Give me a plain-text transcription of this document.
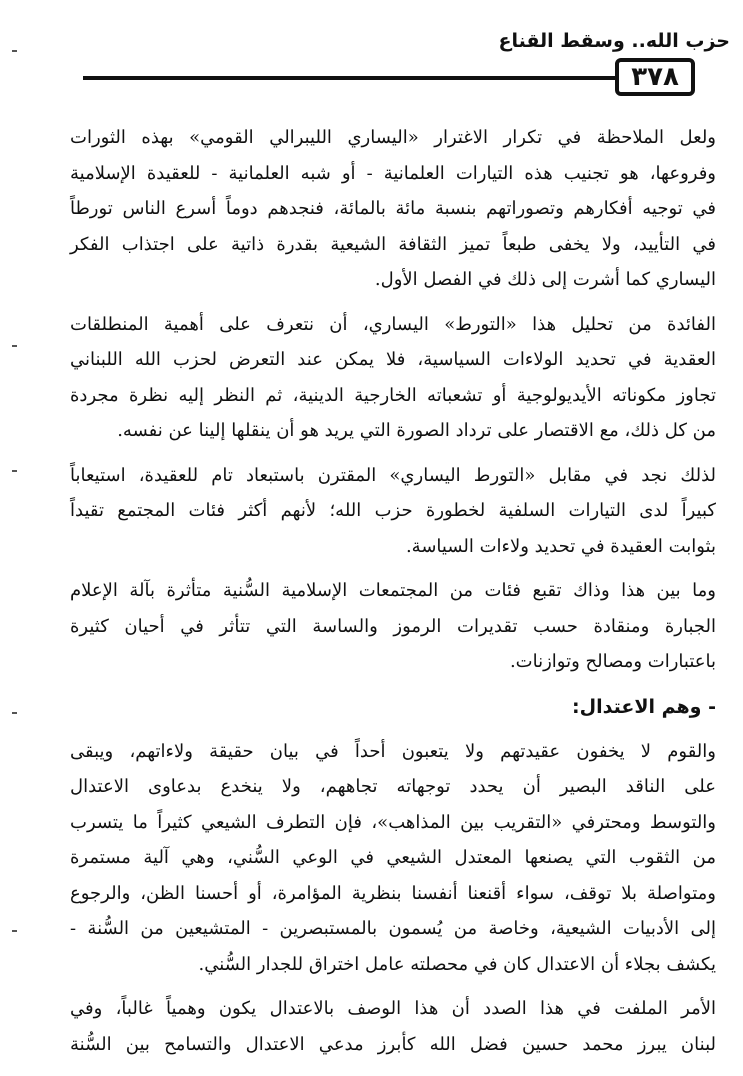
حزب الله.. وسقط القناع
٣٧٨

ولعل الملاحظة في تكرار الاغترار «اليساري الليبرالي القومي» بهذه الثورات
وفروعها، هو تجنيب هذه التيارات العلمانية - أو شبه العلمانية - للعقيدة الإسلامية
في توجيه أفكارهم وتصوراتهم بنسبة مائة بالمائة، فنجدهم دوماً أسرع الناس تورطاً
في التأييد، ولا يخفى طبعاً تميز الثقافة الشيعية بقدرة ذاتية على اجتذاب الفكر
اليساري كما أشرت إلى ذلك في الفصل الأول.

الفائدة من تحليل هذا «التورط» اليساري، أن نتعرف على أهمية المنطلقات
العقدية في تحديد الولاءات السياسية، فلا يمكن عند التعرض لحزب الله اللبناني
تجاوز مكوناته الأيديولوجية أو تشعباته الخارجية الدينية، ثم النظر إليه نظرة مجردة
من كل ذلك، مع الاقتصار على ترداد الصورة التي يريد هو أن ينقلها إلينا عن نفسه.

لذلك نجد في مقابل «التورط اليساري» المقترن باستبعاد تام للعقيدة، استيعاباً
كبيراً لدى التيارات السلفية لخطورة حزب الله؛ لأنهم أكثر فئات المجتمع تقيداً
بثوابت العقيدة في تحديد ولاءات السياسة.

وما بين هذا وذاك تقبع فئات من المجتمعات الإسلامية السُّنية متأثرة بآلة الإعلام
الجبارة ومنقادة حسب تقديرات الرموز والساسة التي تتأثر في أحيان كثيرة
باعتبارات ومصالح وتوازنات.

- وهم الاعتدال:

والقوم لا يخفون عقيدتهم ولا يتعبون أحداً في بيان حقيقة ولاءاتهم، ويبقى
على الناقد البصير أن يحدد توجهاته تجاههم، ولا ينخدع بدعاوى الاعتدال
والتوسط ومحترفي «التقريب بين المذاهب»، فإن التطرف الشيعي كثيراً ما يتسرب
من الثقوب التي يصنعها المعتدل الشيعي في الوعي السُّني، وهي آلية مستمرة
ومتواصلة بلا توقف، سواء أقنعنا أنفسنا بنظرية المؤامرة، أو أحسنا الظن، والرجوع
إلى الأدبيات الشيعية، وخاصة من يُسمون بالمستبصرين - المتشيعين من السُّنة -
يكشف بجلاء أن الاعتدال كان في محصلته عامل اختراق للجدار السُّني.

الأمر الملفت في هذا الصدد أن هذا الوصف بالاعتدال يكون وهمياً غالباً، وفي
لبنان يبرز محمد حسين فضل الله كأبرز مدعي الاعتدال والتسامح بين السُّنة
